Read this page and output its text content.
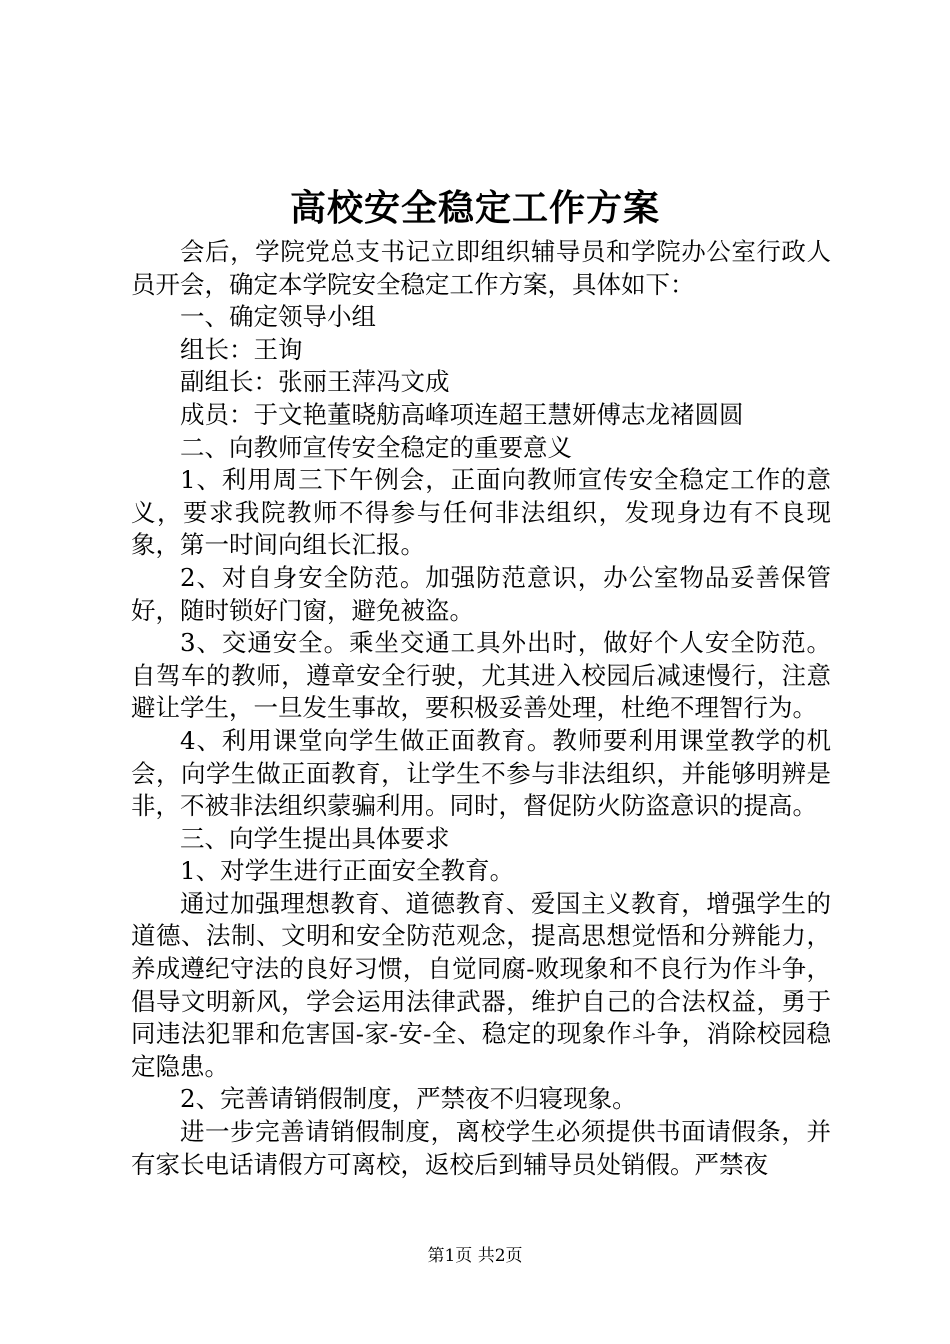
高校安全稳定工作方案

会后，学院党总支书记立即组织辅导员和学院办公室行政人员开会，确定本学院安全稳定工作方案，具体如下：

一、确定领导小组

组长：王询

副组长：张丽王萍冯文成

成员：于文艳董晓舫高峰项连超王慧妍傅志龙褚圆圆

二、向教师宣传安全稳定的重要意义

1、利用周三下午例会，正面向教师宣传安全稳定工作的意义，要求我院教师不得参与任何非法组织，发现身边有不良现象，第一时间向组长汇报。

2、对自身安全防范。加强防范意识，办公室物品妥善保管好，随时锁好门窗，避免被盗。

3、交通安全。乘坐交通工具外出时，做好个人安全防范。自驾车的教师，遵章安全行驶，尤其进入校园后减速慢行，注意避让学生，一旦发生事故，要积极妥善处理，杜绝不理智行为。

4、利用课堂向学生做正面教育。教师要利用课堂教学的机会，向学生做正面教育，让学生不参与非法组织，并能够明辨是非，不被非法组织蒙骗利用。同时，督促防火防盗意识的提高。

三、向学生提出具体要求

1、对学生进行正面安全教育。

通过加强理想教育、道德教育、爱国主义教育，增强学生的道德、法制、文明和安全防范观念，提高思想觉悟和分辨能力，养成遵纪守法的良好习惯，自觉同腐-败现象和不良行为作斗争，倡导文明新风，学会运用法律武器，维护自己的合法权益，勇于同违法犯罪和危害国-家-安-全、稳定的现象作斗争，消除校园稳定隐患。

2、完善请销假制度，严禁夜不归寝现象。

进一步完善请销假制度，离校学生必须提供书面请假条，并有家长电话请假方可离校，返校后到辅导员处销假。严禁夜

第1页 共2页
